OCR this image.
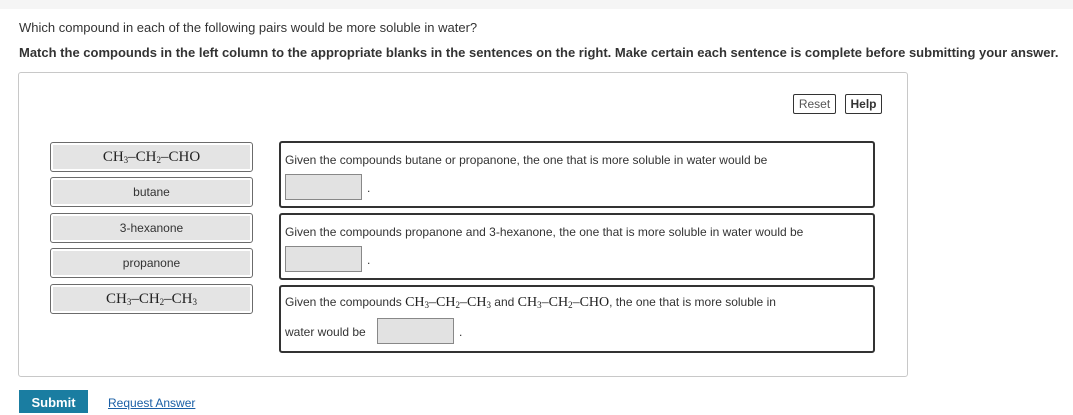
Which compound in each of the following pairs would be more soluble in water?
Match the compounds in the left column to the appropriate blanks in the sentences on the right. Make certain each sentence is complete before submitting your answer.
Reset	Help
$CH_3-CH_2$–CHO
butane
3-hexanone
propanone
$CH_3-CH_2-CH_3$
Given the compounds butane or propanone, the one that is more soluble in water would be
.
Given the compounds propanone and 3-hexanone, the one that is more soluble in water would be
.
Given the compounds $CH_3-CH_2-CH_3$ and $CH_3-CH_2$–CHO, the one that is more soluble in
water would be	.
Submit	Request Answer
